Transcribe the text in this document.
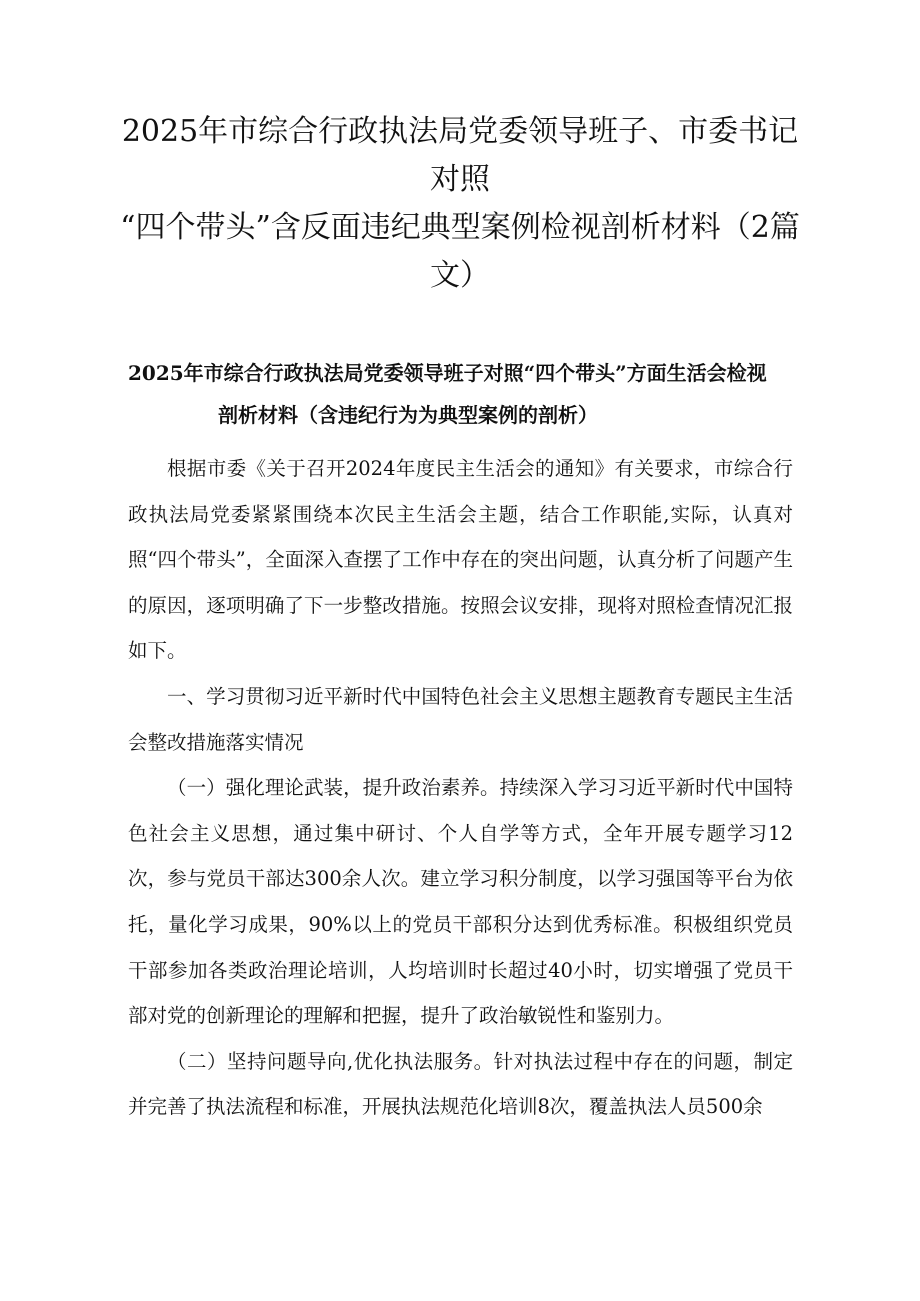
2025年市综合行政执法局党委领导班子、市委书记对照
“四个带头”含反面违纪典型案例检视剖析材料（2篇文）
2025年市综合行政执法局党委领导班子对照“四个带头”方面生活会检视
剖析材料（含违纪行为为典型案例的剖析）

根据市委《关于召开2024年度民主生活会的通知》有关要求，市综合行政执法局党委紧紧围绕本次民主生活会主题，结合工作职能,实际，认真对照“四个带头”，全面深入查摆了工作中存在的突出问题，认真分析了问题产生的原因，逐项明确了下一步整改措施。按照会议安排，现将对照检查情况汇报如下。

一、学习贯彻习近平新时代中国特色社会主义思想主题教育专题民主生活会整改措施落实情况

（一）强化理论武装，提升政治素养。持续深入学习习近平新时代中国特色社会主义思想，通过集中研讨、个人自学等方式，全年开展专题学习12次，参与党员干部达300余人次。建立学习积分制度，以学习强国等平台为依托，量化学习成果，90%以上的党员干部积分达到优秀标准。积极组织党员干部参加各类政治理论培训，人均培训时长超过40小时，切实增强了党员干部对党的创新理论的理解和把握，提升了政治敏锐性和鉴别力。

（二）坚持问题导向,优化执法服务。针对执法过程中存在的问题，制定并完善了执法流程和标准，开展执法规范化培训8次，覆盖执法人员500余
